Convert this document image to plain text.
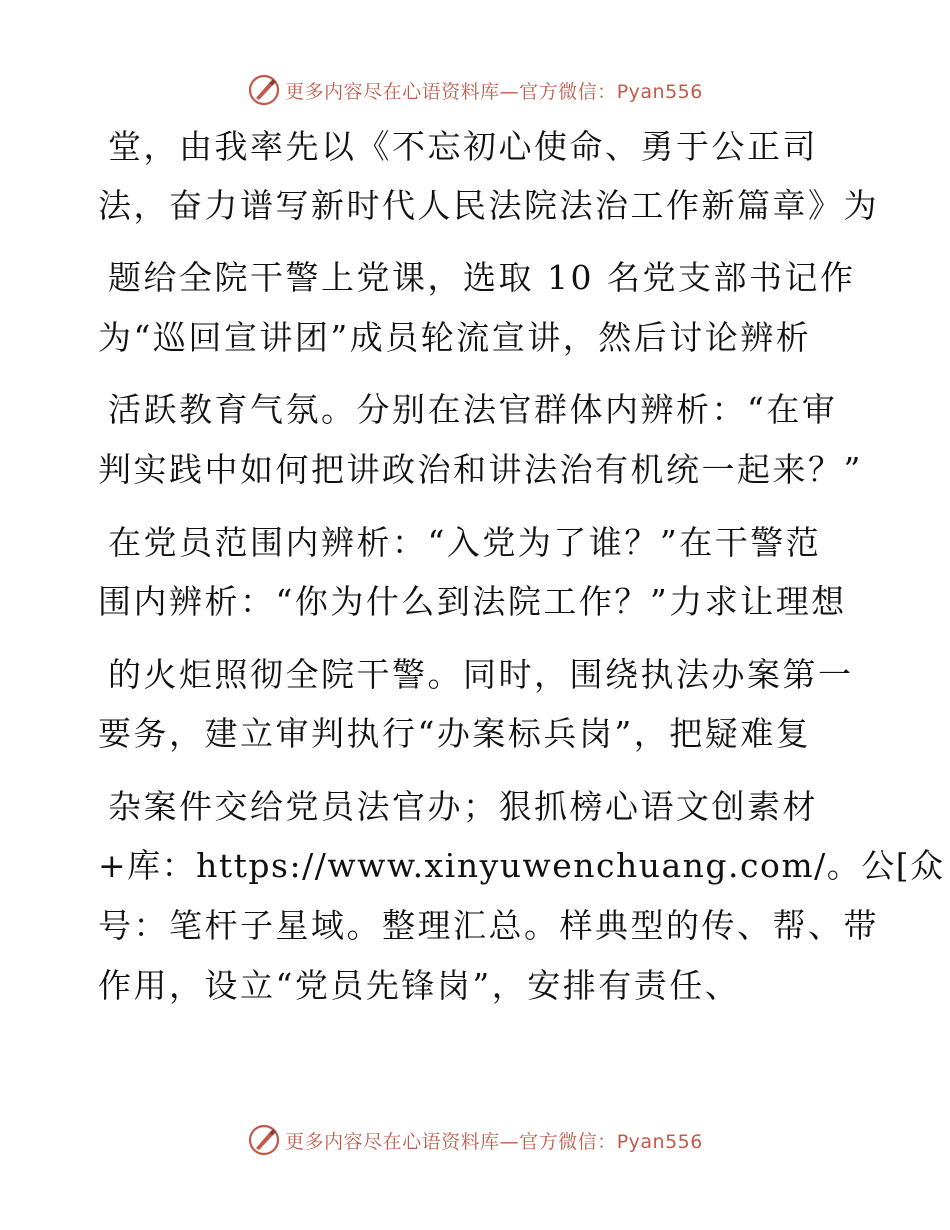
更多内容尽在心语资料库—官方微信：Pyan556
堂，由我率先以《不忘初心使命、勇于公正司
法，奋力谱写新时代人民法院法治工作新篇章》为
题给全院干警上党课，选取 10 名党支部书记作
为“巡回宣讲团”成员轮流宣讲，然后讨论辨析
活跃教育气氛。分别在法官群体内辨析：“在审
判实践中如何把讲政治和讲法治有机统一起来？”
在党员范围内辨析：“入党为了谁？”在干警范
围内辨析：“你为什么到法院工作？”力求让理想
的火炬照彻全院干警。同时，围绕执法办案第一
要务，建立审判执行“办案标兵岗”，把疑难复
杂案件交给党员法官办；狠抓榜心语文创素材
+库：https://www.xinyuwenchuang.com/。公[众
号：笔杆子星域。整理汇总。样典型的传、帮、带
作用，设立“党员先锋岗”，安排有责任、
更多内容尽在心语资料库—官方微信：Pyan556
